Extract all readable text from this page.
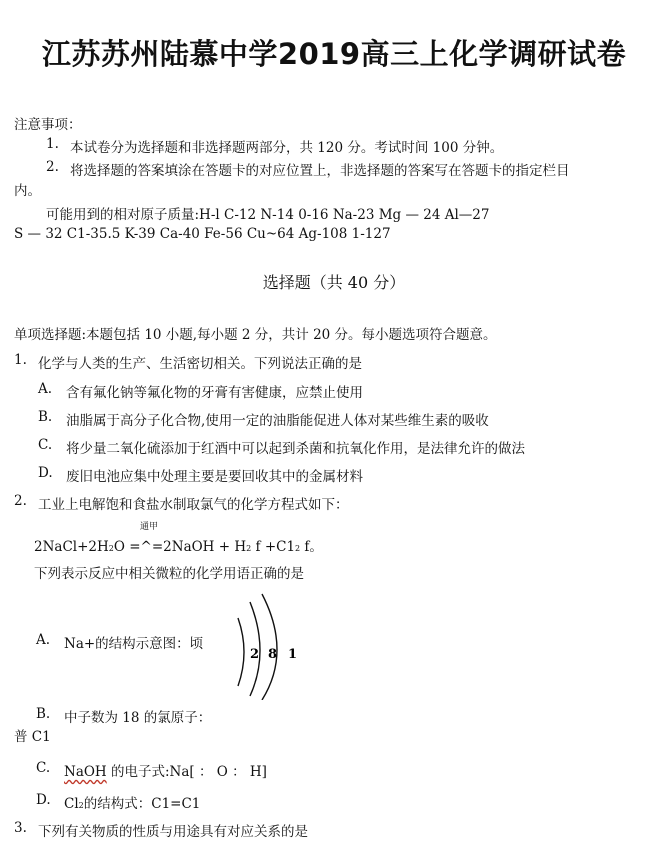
江苏苏州陆慕中学2019高三上化学调研试卷
注意事项：
1. 本试卷分为选择题和非选择题两部分，共 120 分。考试时间 100 分钟。
2. 将选择题的答案填涂在答题卡的对应位置上，非选择题的答案写在答题卡的指定栏目
内。
可能用到的相对原子质量:H-l C-12 N-14 0-16 Na-23 Mg — 24 Al—27
S — 32 C1-35.5 K-39 Ca-40 Fe-56 Cu~64 Ag-108 1-127
选择题（共 40 分）
单项选择题:本题包括 10 小题,每小题 2 分，共计 20 分。每小题选项符合题意。
1. 化学与人类的生产、生活密切相关。下列说法正确的是
A. 含有氟化钠等氟化物的牙膏有害健康，应禁止使用
B. 油脂属于高分子化合物,使用一定的油脂能促进人体对某些维生素的吸收
C. 将少量二氧化硫添加于红酒中可以起到杀菌和抗氧化作用，是法律允许的做法
D. 废旧电池应集中处理主要是要回收其中的金属材料
2. 工业上电解饱和食盐水制取氯气的化学方程式如下：
通甲
2NaCl+2H2O =^=2NaOH + H2 f +C12 f。
下列表示反应中相关微粒的化学用语正确的是
A. Na+的结构示意图：顷
2 8 1
B. 中子数为 18 的氯原子：
普 C1
C. NaOH 的电子式:Na[ ： O ： H]
D. Cl2的结构式：C1=C1
3. 下列有关物质的性质与用途具有对应关系的是
